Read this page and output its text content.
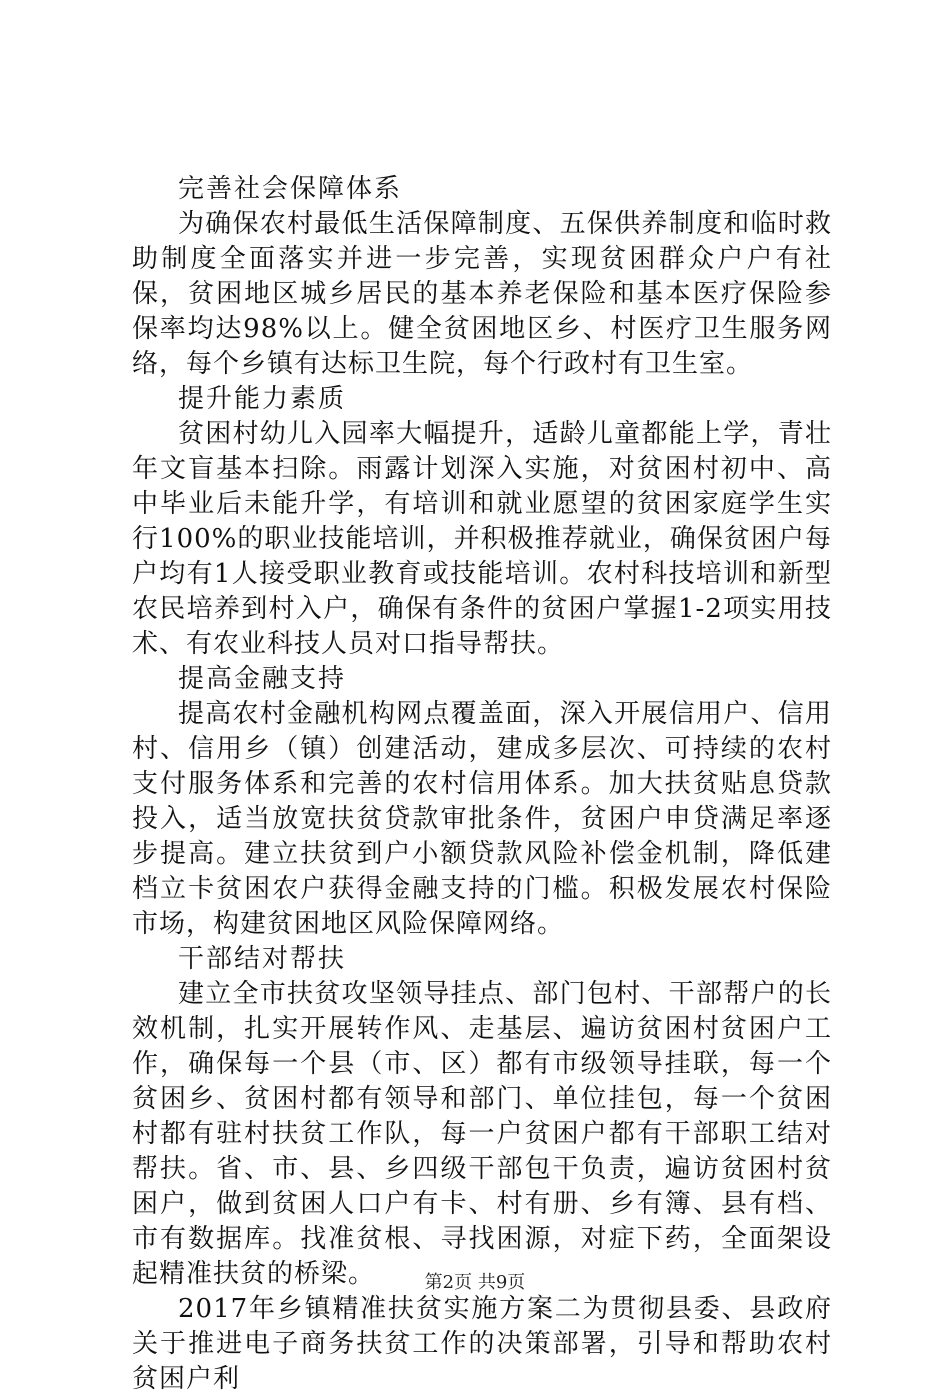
完善社会保障体系

为确保农村最低生活保障制度、五保供养制度和临时救助制度全面落实并进一步完善，实现贫困群众户户有社保，贫困地区城乡居民的基本养老保险和基本医疗保险参保率均达98%以上。健全贫困地区乡、村医疗卫生服务网络，每个乡镇有达标卫生院，每个行政村有卫生室。

提升能力素质

贫困村幼儿入园率大幅提升，适龄儿童都能上学，青壮年文盲基本扫除。雨露计划深入实施，对贫困村初中、高中毕业后未能升学，有培训和就业愿望的贫困家庭学生实行100%的职业技能培训，并积极推荐就业，确保贫困户每户均有1人接受职业教育或技能培训。农村科技培训和新型农民培养到村入户，确保有条件的贫困户掌握1-2项实用技术、有农业科技人员对口指导帮扶。

提高金融支持

提高农村金融机构网点覆盖面，深入开展信用户、信用村、信用乡（镇）创建活动，建成多层次、可持续的农村支付服务体系和完善的农村信用体系。加大扶贫贴息贷款投入，适当放宽扶贫贷款审批条件，贫困户申贷满足率逐步提高。建立扶贫到户小额贷款风险补偿金机制，降低建档立卡贫困农户获得金融支持的门槛。积极发展农村保险市场，构建贫困地区风险保障网络。

干部结对帮扶

建立全市扶贫攻坚领导挂点、部门包村、干部帮户的长效机制，扎实开展转作风、走基层、遍访贫困村贫困户工作，确保每一个县（市、区）都有市级领导挂联，每一个贫困乡、贫困村都有领导和部门、单位挂包，每一个贫困村都有驻村扶贫工作队，每一户贫困户都有干部职工结对帮扶。省、市、县、乡四级干部包干负责，遍访贫困村贫困户，做到贫困人口户有卡、村有册、乡有簿、县有档、市有数据库。找准贫根、寻找困源，对症下药，全面架设起精准扶贫的桥梁。

2017年乡镇精准扶贫实施方案二为贯彻县委、县政府关于推进电子商务扶贫工作的决策部署，引导和帮助农村贫困户利

第2页 共9页
